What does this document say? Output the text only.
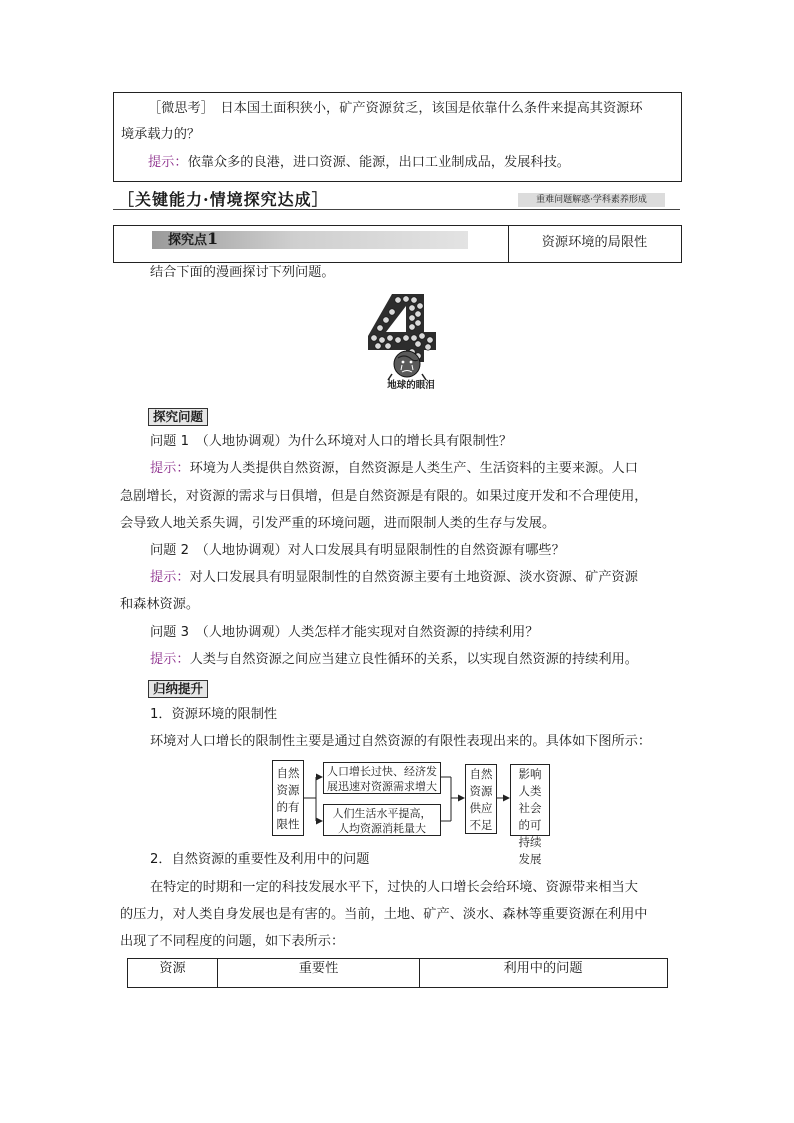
［微思考］　日本国土面积狭小，矿产资源贫乏，该国是依靠什么条件来提高其资源环
境承载力的？
提示：依靠众多的良港，进口资源、能源，出口工业制成品，发展科技。
［关键能力·情境探究达成］	重难问题解惑·学科素养形成
探究点1	资源环境的局限性
结合下面的漫画探讨下列问题。
地球的眼泪
探究问题
问题 1　（人地协调观）为什么环境对人口的增长具有限制性？
提示：环境为人类提供自然资源，自然资源是人类生产、生活资料的主要来源。人口
急剧增长，对资源的需求与日俱增，但是自然资源是有限的。如果过度开发和不合理使用，
会导致人地关系失调，引发严重的环境问题，进而限制人类的生存与发展。
问题 2　（人地协调观）对人口发展具有明显限制性的自然资源有哪些？
提示：对人口发展具有明显限制性的自然资源主要有土地资源、淡水资源、矿产资源
和森林资源。
问题 3　（人地协调观）人类怎样才能实现对自然资源的持续利用？
提示：人类与自然资源之间应当建立良性循环的关系，以实现自然资源的持续利用。
归纳提升
1．资源环境的限制性
环境对人口增长的限制性主要是通过自然资源的有限性表现出来的。具体如下图所示：
自然资源的有限性
人口增长过快、经济发展迅速对资源需求增大
人们生活水平提高，人均资源消耗量大
自然资源供应不足
影响人类社会的可持续发展
2．自然资源的重要性及利用中的问题
在特定的时期和一定的科技发展水平下，过快的人口增长会给环境、资源带来相当大
的压力，对人类自身发展也是有害的。当前，土地、矿产、淡水、森林等重要资源在利用中
出现了不同程度的问题，如下表所示：
资源	重要性	利用中的问题
